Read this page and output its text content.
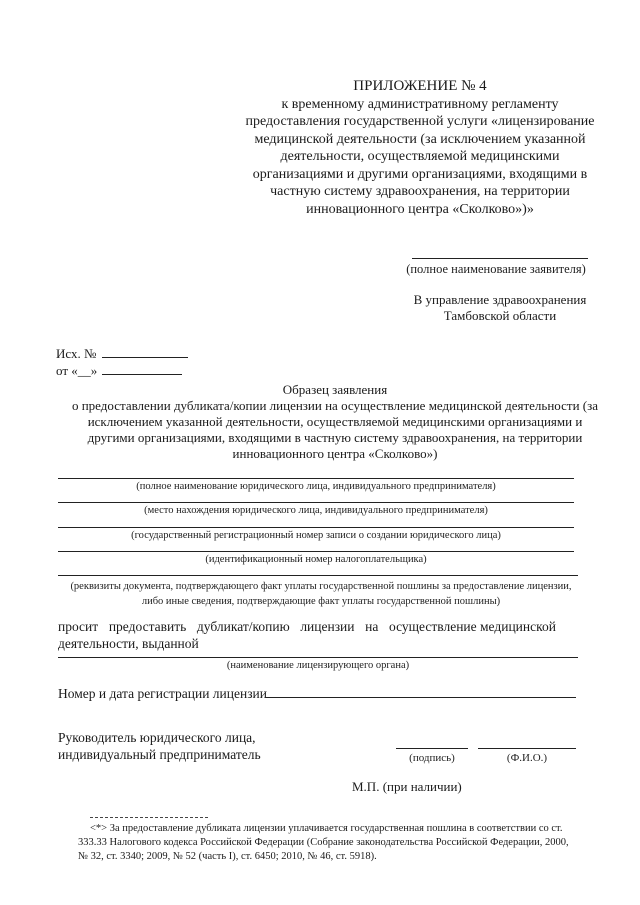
ПРИЛОЖЕНИЕ № 4
к временному административному регламенту
предоставления государственной услуги «лицензирование
медицинской деятельности (за исключением указанной
деятельности, осуществляемой медицинскими
организациями и другими организациями, входящими в
частную систему здравоохранения, на территории
инновационного центра «Сколково»)»
(полное наименование заявителя)
В управление здравоохранения
Тамбовской области
Исх. №
от «__»
Образец заявления
о предоставлении дубликата/копии лицензии на осуществление медицинской деятельности (за
исключением указанной деятельности, осуществляемой медицинскими организациями и
другими организациями, входящими в частную систему здравоохранения, на территории
инновационного центра «Сколково»)
(полное наименование юридического лица, индивидуального предпринимателя)
(место нахождения юридического лица, индивидуального предпринимателя)
(государственный регистрационный номер записи о создании юридического лица)
(идентификационный номер налогоплательщика)
(реквизиты документа, подтверждающего факт уплаты государственной пошлины за предоставление лицензии,
либо иные сведения, подтверждающие факт уплаты государственной пошлины)
просит предоставить дубликат/копию лицензии на осуществление медицинской
деятельности, выданной
(наименование лицензирующего органа)
Номер и дата регистрации лицензии
Руководитель юридического лица,
индивидуальный предприниматель	(подпись)	(Ф.И.О.)
М.П. (при наличии)
<*> За предоставление дубликата лицензии уплачивается государственная пошлина в соответствии со ст.
333.33 Налогового кодекса Российской Федерации (Собрание законодательства Российской Федерации, 2000,
№ 32, ст. 3340; 2009, № 52 (часть I), ст. 6450; 2010, № 46, ст. 5918).
